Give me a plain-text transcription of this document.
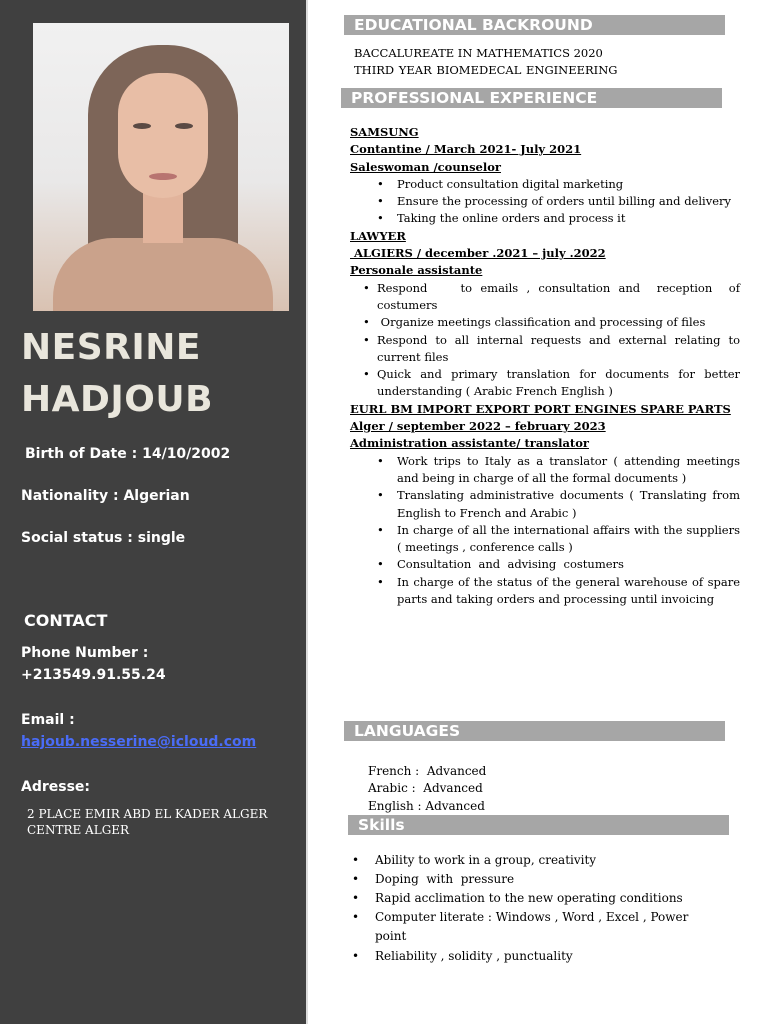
NESRINE
HADJOUB
Birth of Date : 14/10/2002
Nationality : Algerian
Social status : single
CONTACT
Phone Number :
+213549.91.55.24
Email :
hajoub.nesserine@icloud.com
Adresse:
2 PLACE EMIR ABD EL KADER ALGER CENTRE ALGER
EDUCATIONAL BACKROUND
BACCALUREATE IN MATHEMATICS 2020
THIRD YEAR BIOMEDECAL ENGINEERING
PROFESSIONAL EXPERIENCE
SAMSUNG
Contantine / March 2021- July 2021
Saleswoman /counselor
• Product consultation digital marketing
• Ensure the processing of orders until billing and delivery
• Taking the online orders and process it
LAWYER
ALGIERS / december .2021 – july .2022
Personale assistante
• Respond    to emails , consultation and  reception  of costumers
•  Organize meetings classification and processing of files
• Respond to all internal requests and external relating to current files
• Quick and primary translation for documents for better understanding ( Arabic French English )
EURL BM IMPORT EXPORT PORT ENGINES SPARE PARTS
Alger / september 2022 – february 2023
Administration assistante/ translator
• Work trips to Italy as a translator ( attending meetings and being in charge of all the formal documents )
• Translating administrative documents ( Translating from English to French and Arabic )
• In charge of all the international affairs with the suppliers ( meetings , conference calls )
• Consultation  and  advising  costumers
• In charge of the status of the general warehouse of spare parts and taking orders and processing until invoicing
LANGUAGES
French :  Advanced
Arabic :  Advanced
English : Advanced
Skills
• Ability to work in a group, creativity
• Doping  with  pressure
• Rapid acclimation to the new operating conditions
• Computer literate : Windows , Word , Excel , Power point
• Reliability , solidity , punctuality
